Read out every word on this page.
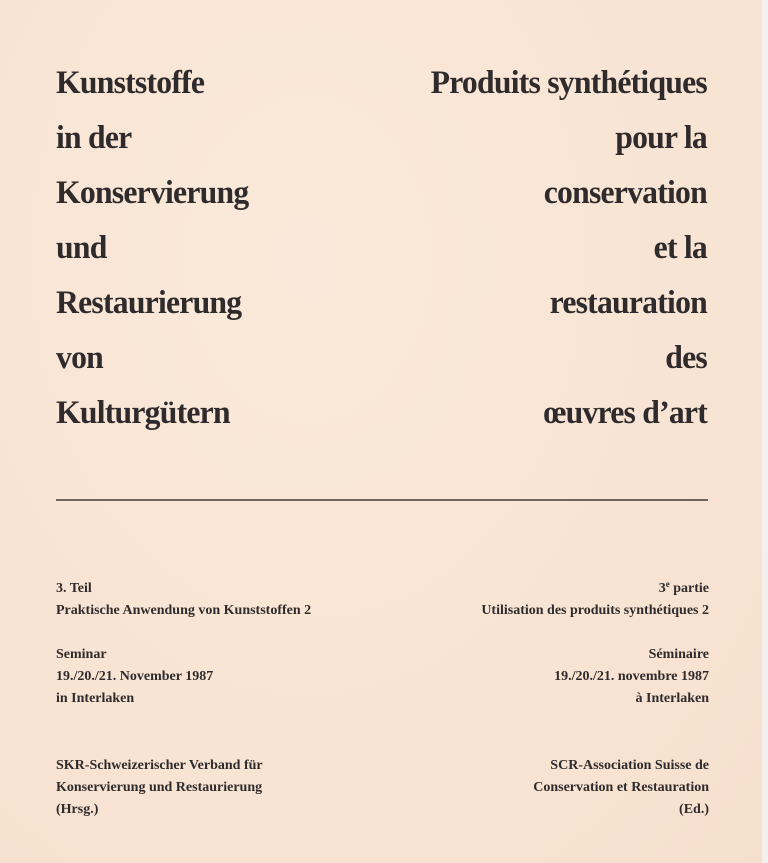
Kunststoffe
in der
Konservierung
und
Restaurierung
von
Kulturgütern
Produits synthétiques
pour la
conservation
et la
restauration
des
œuvres d’art
3. Teil
Praktische Anwendung von Kunststoffen 2
3e partie
Utilisation des produits synthétiques 2
Seminar
19./20./21. November 1987
in Interlaken
Séminaire
19./20./21. novembre 1987
à Interlaken
SKR-Schweizerischer Verband für
Konservierung und Restaurierung
(Hrsg.)
SCR-Association Suisse de
Conservation et Restauration
(Ed.)
